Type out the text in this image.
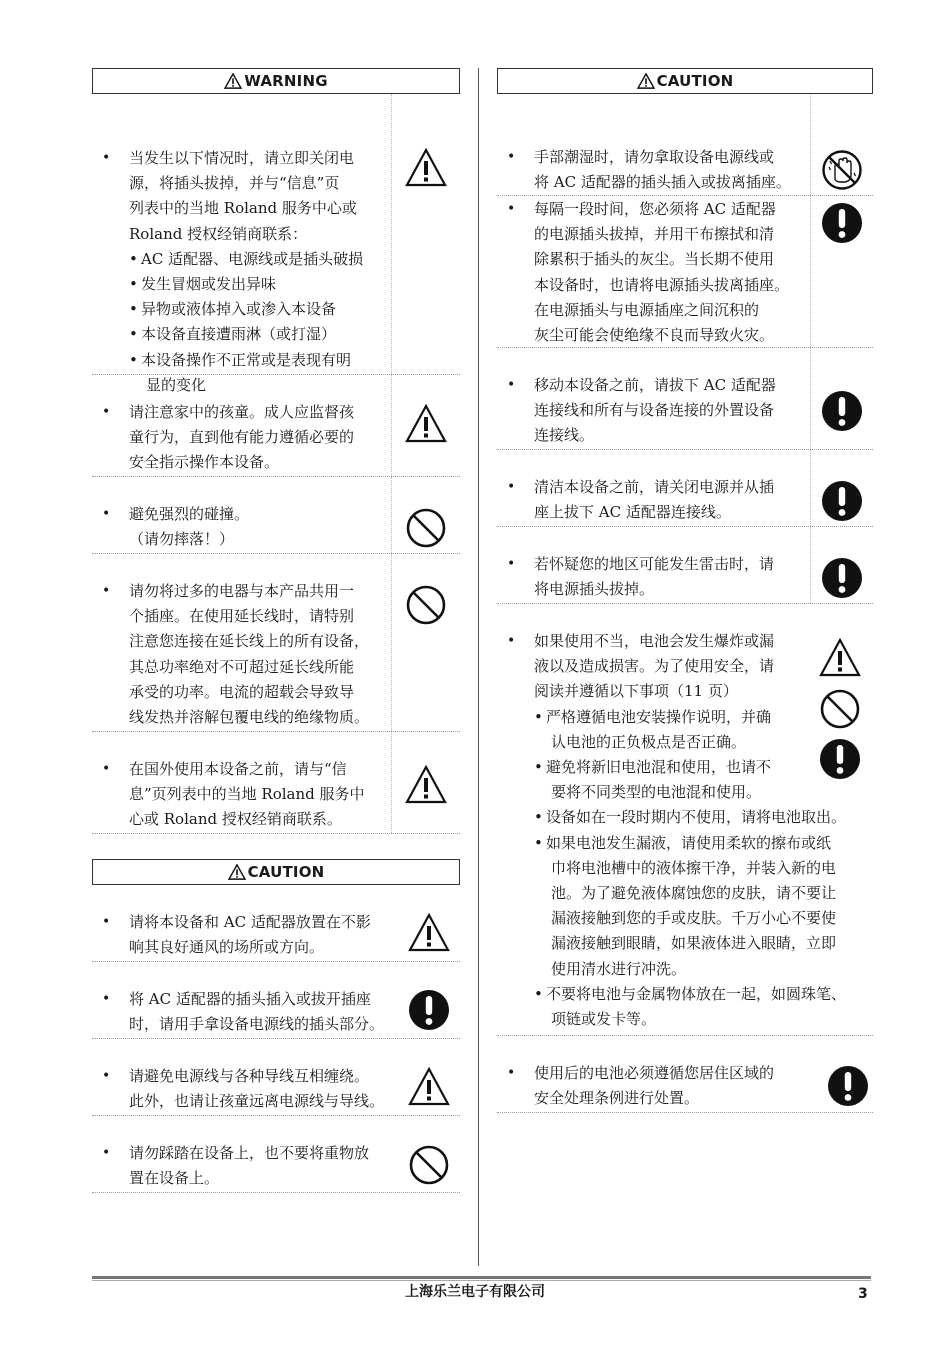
WARNING
• 当发生以下情况时，请立即关闭电
源，将插头拔掉，并与“信息”页
列表中的当地 Roland 服务中心或
Roland 授权经销商联系：
• AC 适配器、电源线或是插头破损
• 发生冒烟或发出异味
• 异物或液体掉入或渗入本设备
• 本设备直接遭雨淋（或打湿）
• 本设备操作不正常或是表现有明
显的变化
• 请注意家中的孩童。成人应监督孩
童行为，直到他有能力遵循必要的
安全指示操作本设备。
• 避免强烈的碰撞。
（请勿摔落！）
• 请勿将过多的电器与本产品共用一
个插座。在使用延长线时，请特别
注意您连接在延长线上的所有设备，
其总功率绝对不可超过延长线所能
承受的功率。电流的超载会导致导
线发热并溶解包覆电线的绝缘物质。
• 在国外使用本设备之前，请与“信
息”页列表中的当地 Roland 服务中
心或 Roland 授权经销商联系。
CAUTION
• 请将本设备和 AC 适配器放置在不影
响其良好通风的场所或方向。
• 将 AC 适配器的插头插入或拔开插座
时，请用手拿设备电源线的插头部分。
• 请避免电源线与各种导线互相缠绕。
此外，也请让孩童远离电源线与导线。
• 请勿踩踏在设备上，也不要将重物放
置在设备上。
CAUTION
• 手部潮湿时，请勿拿取设备电源线或
将 AC 适配器的插头插入或拔离插座。
• 每隔一段时间，您必须将 AC 适配器
的电源插头拔掉，并用干布擦拭和清
除累积于插头的灰尘。当长期不使用
本设备时，也请将电源插头拔离插座。
在电源插头与电源插座之间沉积的
灰尘可能会使绝缘不良而导致火灾。
• 移动本设备之前，请拔下 AC 适配器
连接线和所有与设备连接的外置设备
连接线。
• 清洁本设备之前，请关闭电源并从插
座上拔下 AC 适配器连接线。
• 若怀疑您的地区可能发生雷击时，请
将电源插头拔掉。
• 如果使用不当，电池会发生爆炸或漏
液以及造成损害。为了使用安全，请
阅读并遵循以下事项（11 页）
• 严格遵循电池安装操作说明，并确
认电池的正负极点是否正确。
• 避免将新旧电池混和使用，也请不
要将不同类型的电池混和使用。
• 设备如在一段时期内不使用，请将电池取出。
• 如果电池发生漏液，请使用柔软的擦布或纸
巾将电池槽中的液体擦干净，并装入新的电
池。为了避免液体腐蚀您的皮肤，请不要让
漏液接触到您的手或皮肤。千万小心不要使
漏液接触到眼睛，如果液体进入眼睛，立即
使用清水进行冲洗。
• 不要将电池与金属物体放在一起，如圆珠笔、
项链或发卡等。
• 使用后的电池必须遵循您居住区域的
安全处理条例进行处置。
上海乐兰电子有限公司	3
